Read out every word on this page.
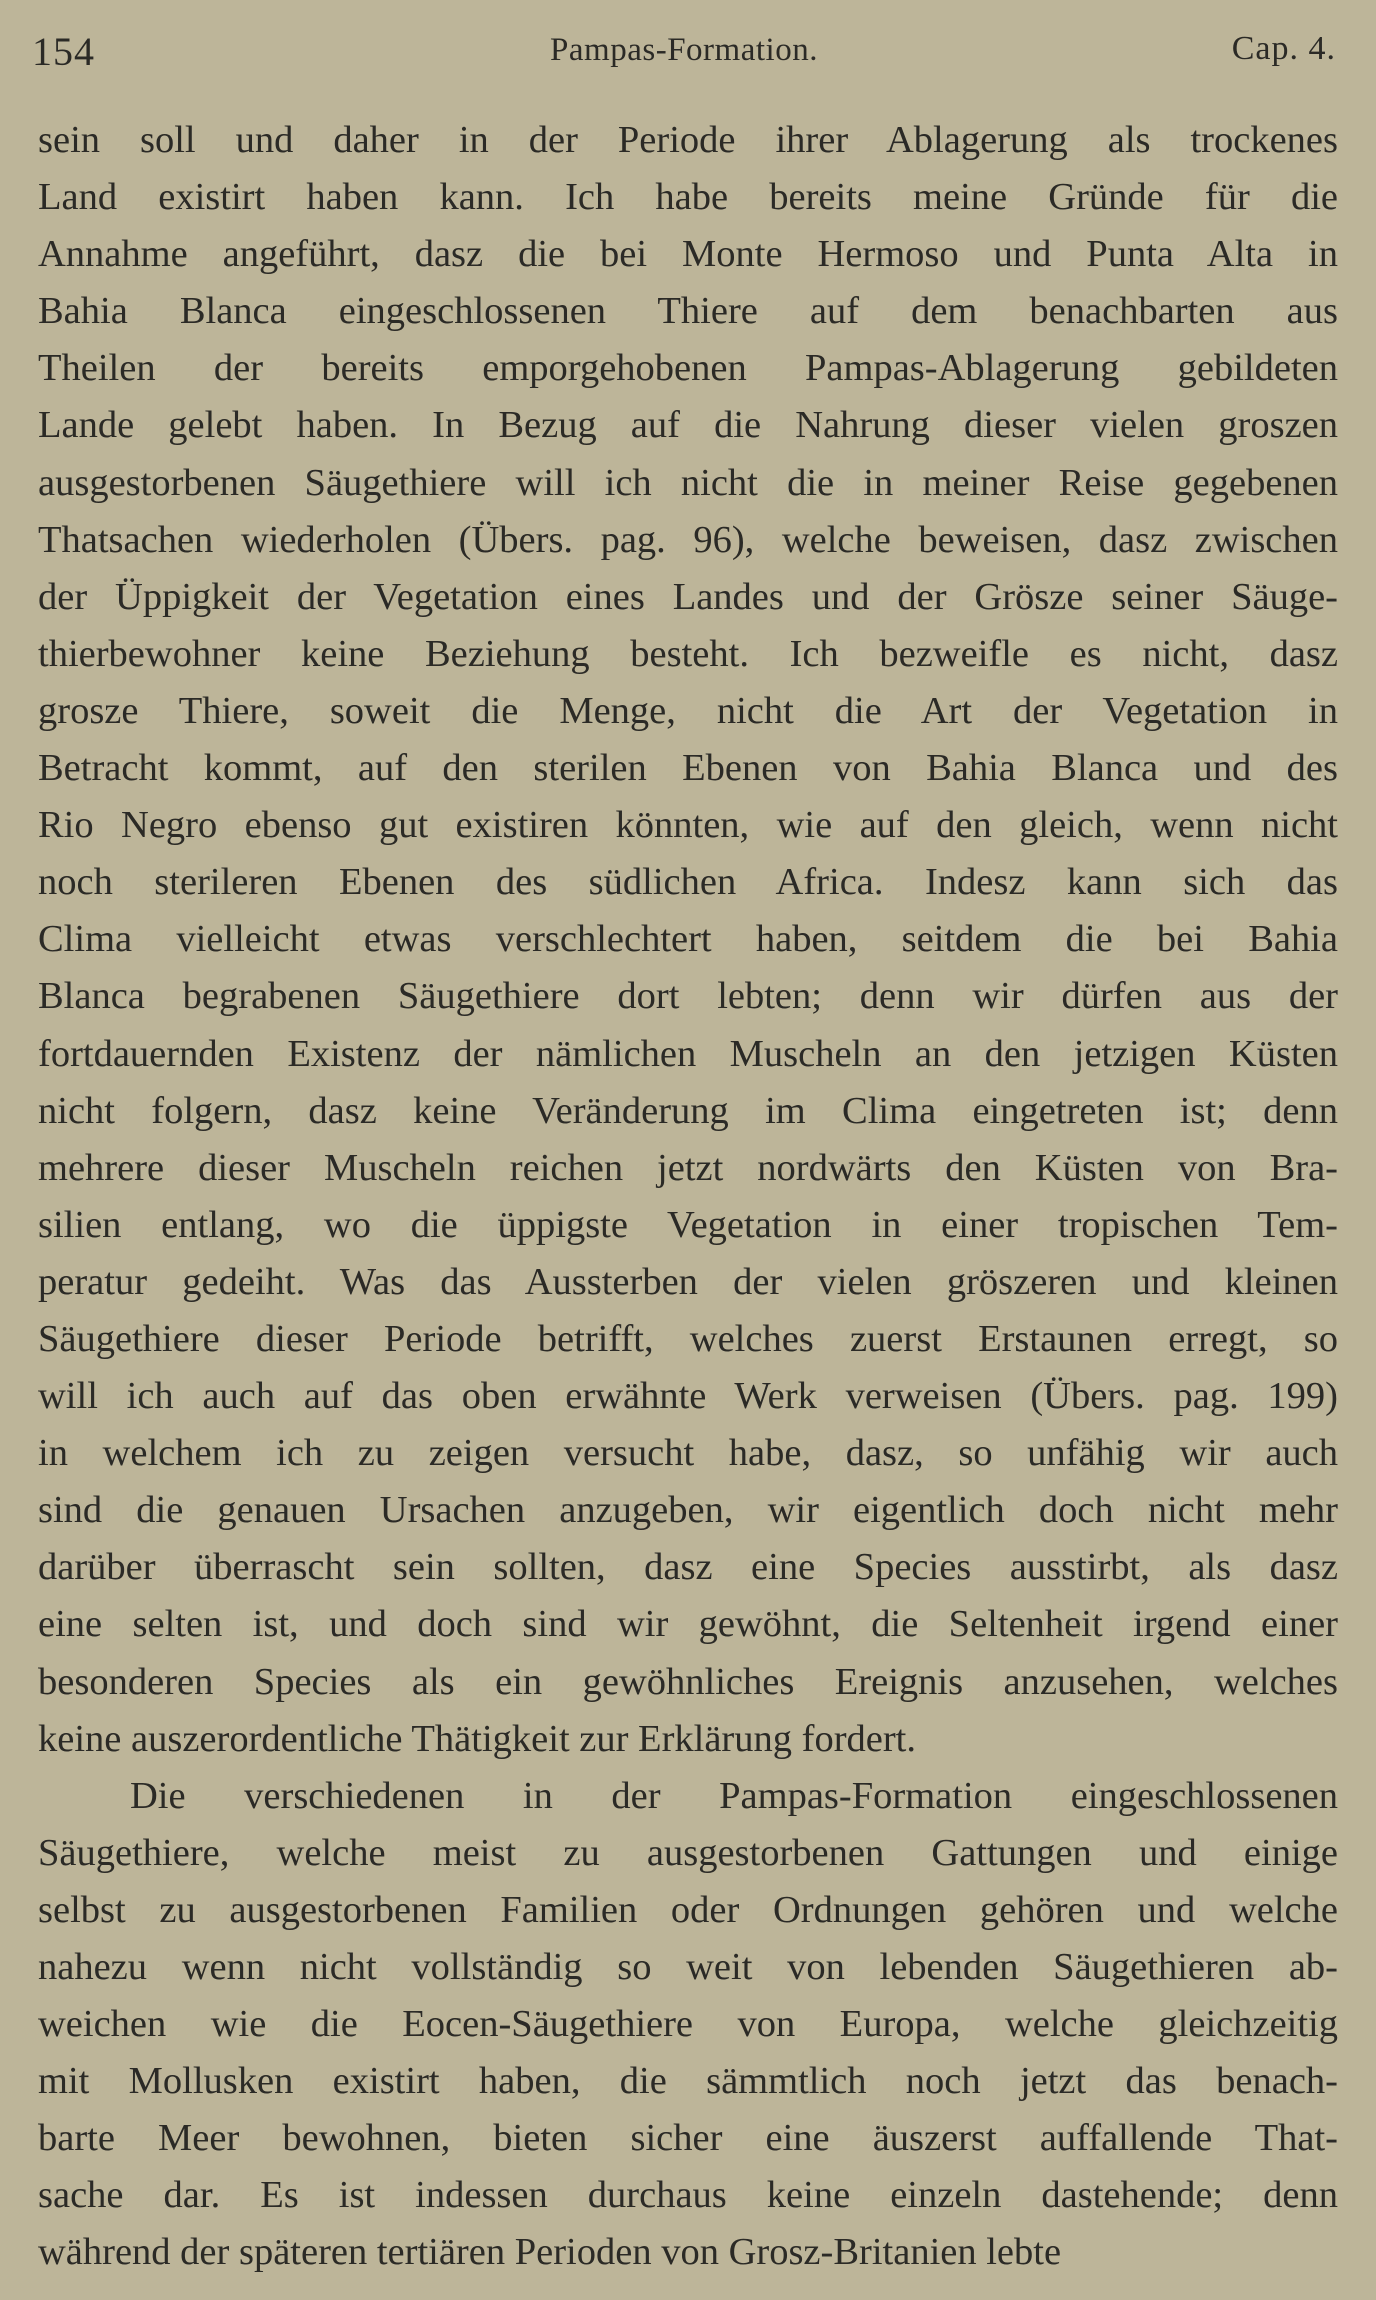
154	Pampas-Formation.	Cap. 4.
sein soll und daher in der Periode ihrer Ablagerung als trockenes
Land existirt haben kann. Ich habe bereits meine Gründe für die
Annahme angeführt, dasz die bei Monte Hermoso und Punta Alta in
Bahia Blanca eingeschlossenen Thiere auf dem benachbarten aus
Theilen der bereits emporgehobenen Pampas-Ablagerung gebildeten
Lande gelebt haben. In Bezug auf die Nahrung dieser vielen groszen
ausgestorbenen Säugethiere will ich nicht die in meiner Reise gegebenen
Thatsachen wiederholen (Übers. pag. 96), welche beweisen, dasz zwischen
der Üppigkeit der Vegetation eines Landes und der Grösze seiner Säuge-
thierbewohner keine Beziehung besteht. Ich bezweifle es nicht, dasz
grosze Thiere, soweit die Menge, nicht die Art der Vegetation in
Betracht kommt, auf den sterilen Ebenen von Bahia Blanca und des
Rio Negro ebenso gut existiren könnten, wie auf den gleich, wenn nicht
noch sterileren Ebenen des südlichen Africa. Indesz kann sich das
Clima vielleicht etwas verschlechtert haben, seitdem die bei Bahia
Blanca begrabenen Säugethiere dort lebten; denn wir dürfen aus der
fortdauernden Existenz der nämlichen Muscheln an den jetzigen Küsten
nicht folgern, dasz keine Veränderung im Clima eingetreten ist; denn
mehrere dieser Muscheln reichen jetzt nordwärts den Küsten von Bra-
silien entlang, wo die üppigste Vegetation in einer tropischen Tem-
peratur gedeiht. Was das Aussterben der vielen gröszeren und kleinen
Säugethiere dieser Periode betrifft, welches zuerst Erstaunen erregt, so
will ich auch auf das oben erwähnte Werk verweisen (Übers. pag. 199)
in welchem ich zu zeigen versucht habe, dasz, so unfähig wir auch
sind die genauen Ursachen anzugeben, wir eigentlich doch nicht mehr
darüber überrascht sein sollten, dasz eine Species ausstirbt, als dasz
eine selten ist, und doch sind wir gewöhnt, die Seltenheit irgend einer
besonderen Species als ein gewöhnliches Ereignis anzusehen, welches
keine auszerordentliche Thätigkeit zur Erklärung fordert.
Die verschiedenen in der Pampas-Formation eingeschlossenen
Säugethiere, welche meist zu ausgestorbenen Gattungen und einige
selbst zu ausgestorbenen Familien oder Ordnungen gehören und welche
nahezu wenn nicht vollständig so weit von lebenden Säugethieren ab-
weichen wie die Eocen-Säugethiere von Europa, welche gleichzeitig
mit Mollusken existirt haben, die sämmtlich noch jetzt das benach-
barte Meer bewohnen, bieten sicher eine äuszerst auffallende That-
sache dar. Es ist indessen durchaus keine einzeln dastehende; denn
während der späteren tertiären Perioden von Grosz-Britanien lebte
